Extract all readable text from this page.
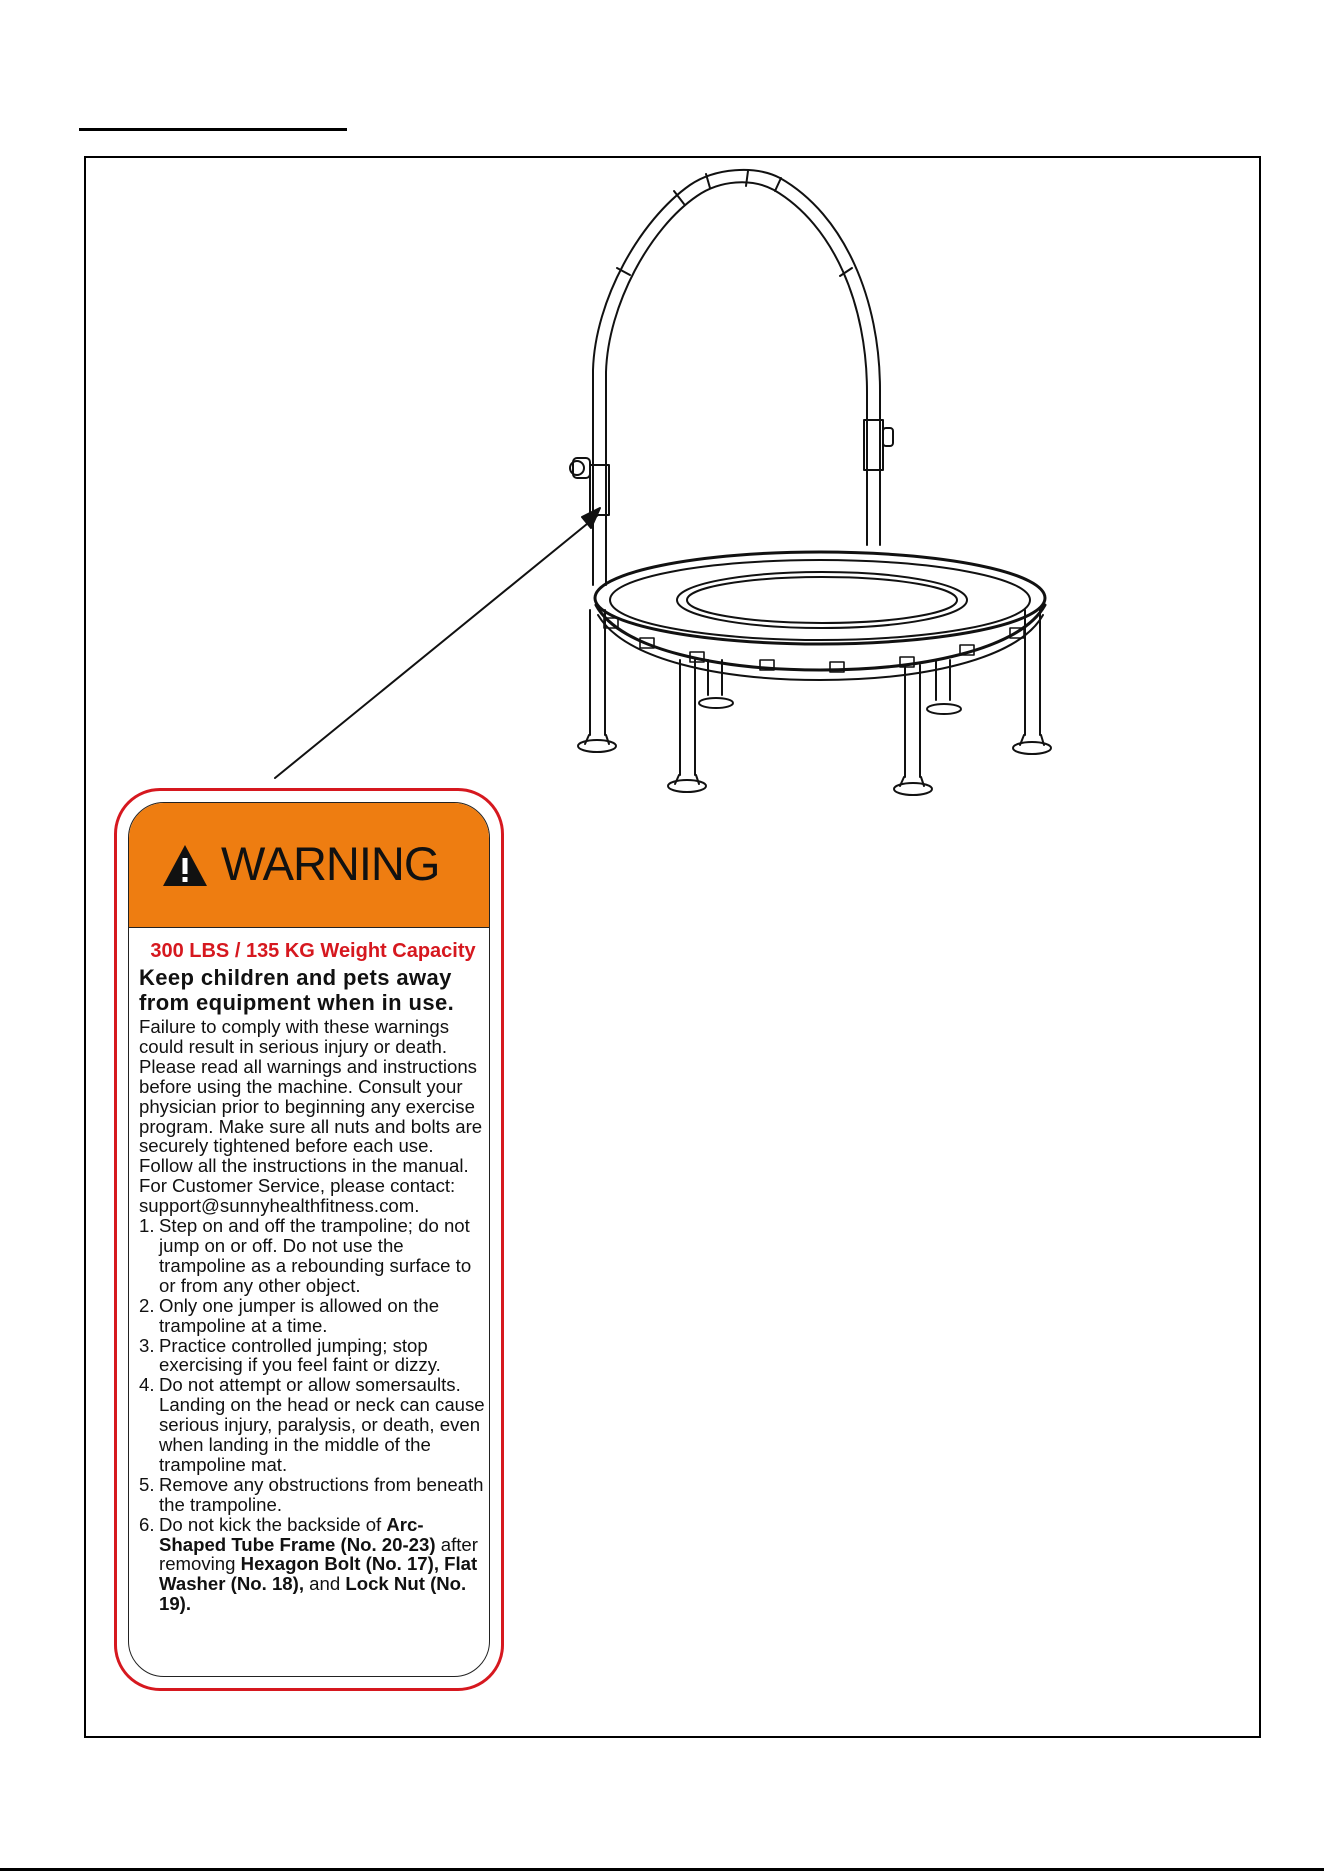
WARNING
300 LBS / 135 KG Weight Capacity
Keep children and pets away from equipment when in use.

Failure to comply with these warnings could result in serious injury or death. Please read all warnings and instructions before using the machine. Consult your physician prior to beginning any exercise program. Make sure all nuts and bolts are securely tightened before each use. Follow all the instructions in the manual. For Customer Service, please contact: support@sunnyhealthfitness.com.

1. Step on and off the trampoline; do not jump on or off. Do not use the trampoline as a rebounding surface to or from any other object.
2. Only one jumper is allowed on the trampoline at a time.
3. Practice controlled jumping; stop exercising if you feel faint or dizzy.
4. Do not attempt or allow somersaults. Landing on the head or neck can cause serious injury, paralysis, or death, even when landing in the middle of the trampoline mat.
5. Remove any obstructions from beneath the trampoline.
6. Do not kick the backside of Arc-Shaped Tube Frame (No. 20-23) after removing Hexagon Bolt (No. 17), Flat Washer (No. 18), and Lock Nut (No. 19).
